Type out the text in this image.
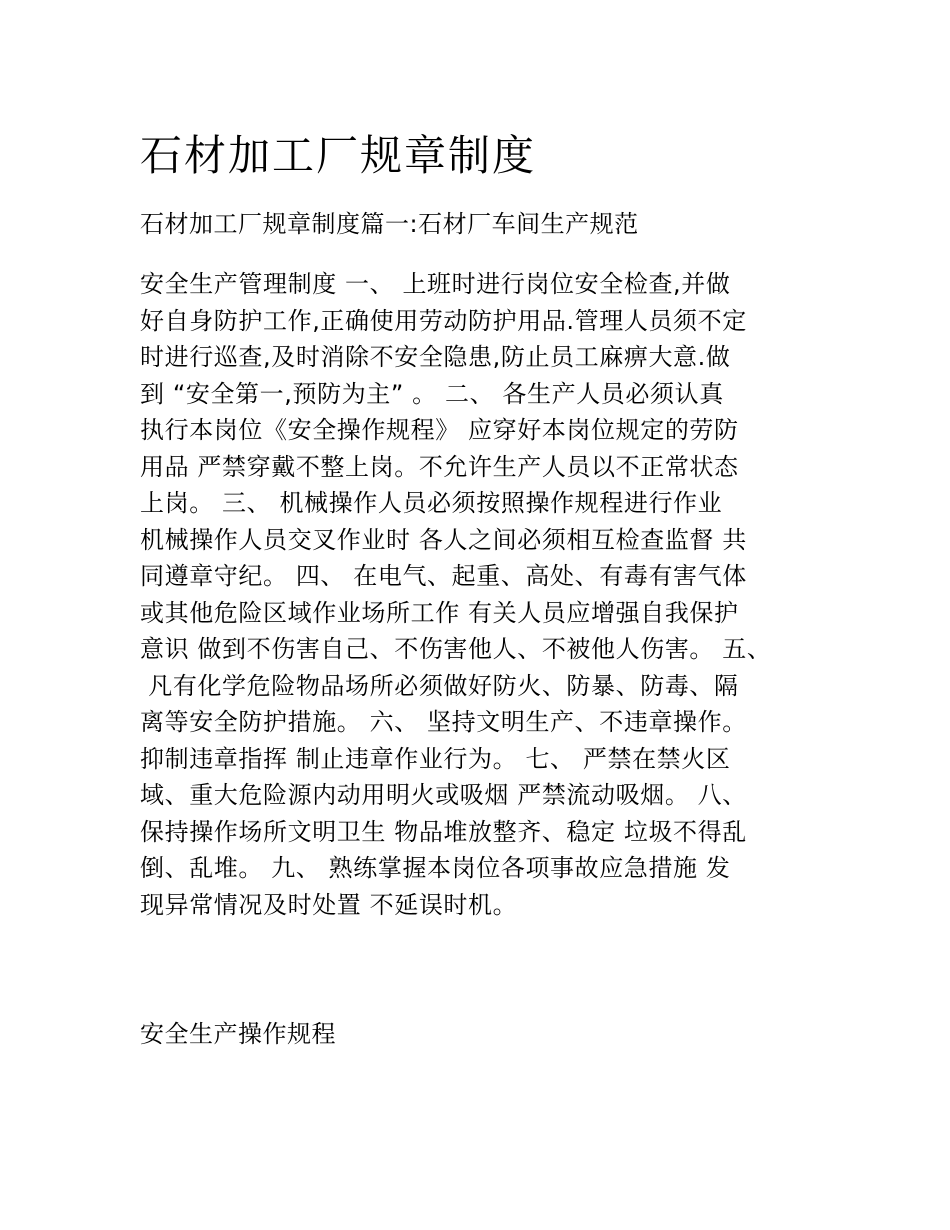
石材加工厂规章制度
石材加工厂规章制度篇一:石材厂车间生产规范
安全生产管理制度 一、 上班时进行岗位安全检查,并做
好自身防护工作,正确使用劳动防护用品.管理人员须不定
时进行巡查,及时消除不安全隐患,防止员工麻痹大意.做
到 “安全第一,预防为主” 。 二、 各生产人员必须认真
执行本岗位《安全操作规程》 应穿好本岗位规定的劳防
用品 严禁穿戴不整上岗。不允许生产人员以不正常状态
上岗。 三、 机械操作人员必须按照操作规程进行作业
机械操作人员交叉作业时 各人之间必须相互检查监督 共
同遵章守纪。 四、 在电气、起重、高处、有毒有害气体
或其他危险区域作业场所工作 有关人员应增强自我保护
意识 做到不伤害自己、不伤害他人、不被他人伤害。 五、
凡有化学危险物品场所必须做好防火、防暴、防毒、隔
离等安全防护措施。 六、 坚持文明生产、不违章操作。
抑制违章指挥 制止违章作业行为。 七、 严禁在禁火区
域、重大危险源内动用明火或吸烟 严禁流动吸烟。 八、
保持操作场所文明卫生 物品堆放整齐、稳定 垃圾不得乱
倒、乱堆。 九、 熟练掌握本岗位各项事故应急措施 发
现异常情况及时处置 不延误时机。
安全生产操作规程
